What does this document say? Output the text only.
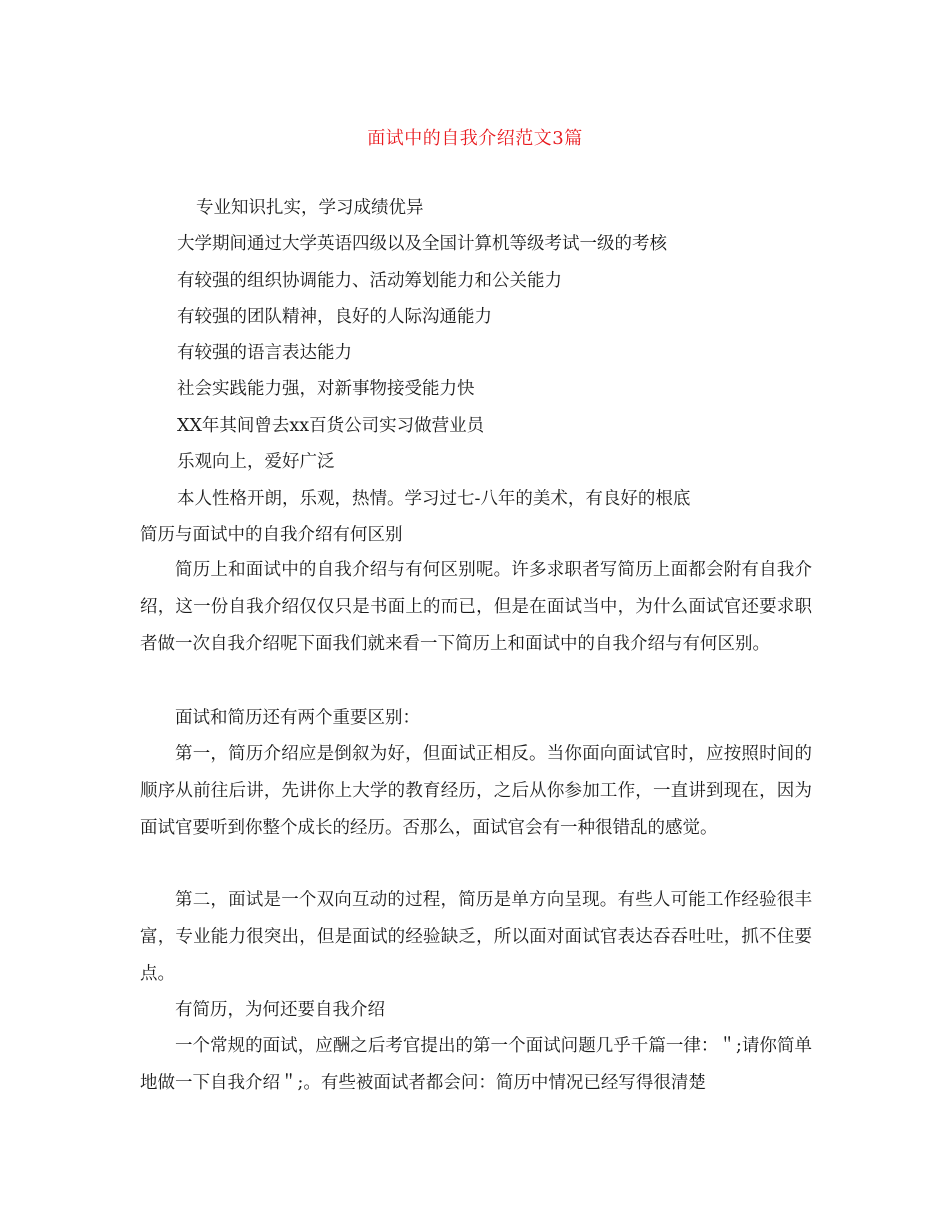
面试中的自我介绍范文3篇
专业知识扎实，学习成绩优异
大学期间通过大学英语四级以及全国计算机等级考试一级的考核
有较强的组织协调能力、活动筹划能力和公关能力
有较强的团队精神，良好的人际沟通能力
有较强的语言表达能力
社会实践能力强，对新事物接受能力快
XX年其间曾去xx百货公司实习做营业员
乐观向上，爱好广泛
本人性格开朗，乐观，热情。学习过七-八年的美术，有良好的根底
简历与面试中的自我介绍有何区别
简历上和面试中的自我介绍与有何区别呢。许多求职者写简历上面都会附有自我介绍，这一份自我介绍仅仅只是书面上的而已，但是在面试当中，为什么面试官还要求职者做一次自我介绍呢下面我们就来看一下简历上和面试中的自我介绍与有何区别。
面试和简历还有两个重要区别：
第一，简历介绍应是倒叙为好，但面试正相反。当你面向面试官时，应按照时间的顺序从前往后讲，先讲你上大学的教育经历，之后从你参加工作，一直讲到现在，因为面试官要听到你整个成长的经历。否那么，面试官会有一种很错乱的感觉。
第二，面试是一个双向互动的过程，简历是单方向呈现。有些人可能工作经验很丰富，专业能力很突出，但是面试的经验缺乏，所以面对面试官表达吞吞吐吐，抓不住要点。
有简历，为何还要自我介绍
一个常规的面试，应酬之后考官提出的第一个面试问题几乎千篇一律：＂;请你简单地做一下自我介绍＂;。有些被面试者都会问：简历中情况已经写得很清楚
